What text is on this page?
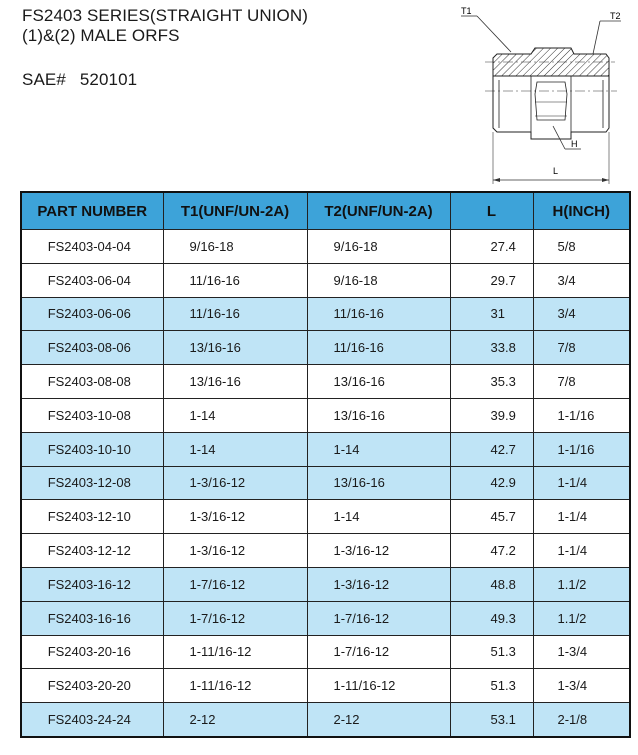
FS2403 SERIES(STRAIGHT UNION)
(1)&(2) MALE ORFS
SAE# 520101
T1	T2
H
L
PART NUMBER	T1(UNF/UN-2A)	T2(UNF/UN-2A)	L	H(INCH)
FS2403-04-04	9/16-18	9/16-18	27.4	5/8
FS2403-06-04	11/16-16	9/16-18	29.7	3/4
FS2403-06-06	11/16-16	11/16-16	31	3/4
FS2403-08-06	13/16-16	11/16-16	33.8	7/8
FS2403-08-08	13/16-16	13/16-16	35.3	7/8
FS2403-10-08	1-14	13/16-16	39.9	1-1/16
FS2403-10-10	1-14	1-14	42.7	1-1/16
FS2403-12-08	1-3/16-12	13/16-16	42.9	1-1/4
FS2403-12-10	1-3/16-12	1-14	45.7	1-1/4
FS2403-12-12	1-3/16-12	1-3/16-12	47.2	1-1/4
FS2403-16-12	1-7/16-12	1-3/16-12	48.8	1.1/2
FS2403-16-16	1-7/16-12	1-7/16-12	49.3	1.1/2
FS2403-20-16	1-11/16-12	1-7/16-12	51.3	1-3/4
FS2403-20-20	1-11/16-12	1-11/16-12	51.3	1-3/4
FS2403-24-24	2-12	2-12	53.1	2-1/8
